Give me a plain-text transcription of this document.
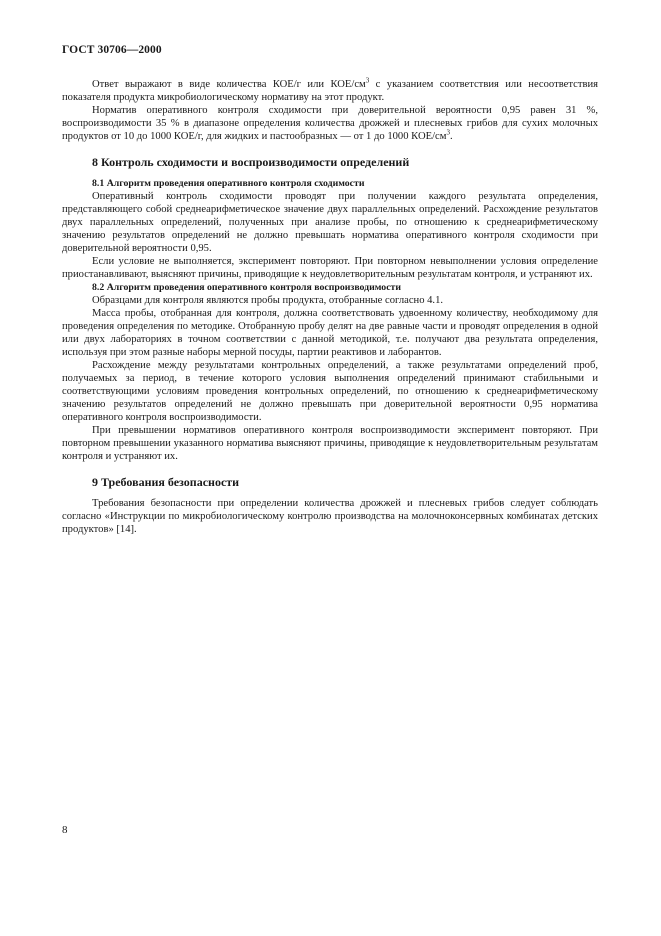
ГОСТ 30706—2000

Ответ выражают в виде количества КОЕ/г или КОЕ/$см^3$ с указанием соответствия или несоответствия показателя продукта микробиологическому нормативу на этот продукт.

Норматив оперативного контроля сходимости при доверительной вероятности 0,95 равен 31 %, воспроизводимости 35 % в диапазоне определения количества дрожжей и плесневых грибов для сухих молочных продуктов от 10 до 1000 КОЕ/г, для жидких и пастообразных — от 1 до 1000 КОЕ/$см^3$.

8 Контроль сходимости и воспроизводимости определений
8.1 Алгоритм проведения оперативного контроля сходимости

Оперативный контроль сходимости проводят при получении каждого результата определения, представляющего собой среднеарифметическое значение двух параллельных определений. Расхождение результатов двух параллельных определений, полученных при анализе пробы, по отношению к среднеарифметическому значению результатов определений не должно превышать норматива оперативного контроля сходимости при доверительной вероятности 0,95.

Если условие не выполняется, эксперимент повторяют. При повторном невыполнении условия определение приостанавливают, выясняют причины, приводящие к неудовлетворительным результатам контроля, и устраняют их.

8.2 Алгоритм проведения оперативного контроля воспроизводимости

Образцами для контроля являются пробы продукта, отобранные согласно 4.1.

Масса пробы, отобранная для контроля, должна соответствовать удвоенному количеству, необходимому для проведения определения по методике. Отобранную пробу делят на две равные части и проводят определения в одной или двух лабораториях в точном соответствии с данной методикой, т.е. получают два результата определения, используя при этом разные наборы мерной посуды, партии реактивов и лаборантов.

Расхождение между результатами контрольных определений, а также результатами определений проб, получаемых за период, в течение которого условия выполнения определений принимают стабильными и соответствующими условиям проведения контрольных определений, по отношению к среднеарифметическому значению результатов определений не должно превышать при доверительной вероятности 0,95 норматива оперативного контроля воспроизводимости.

При превышении нормативов оперативного контроля воспроизводимости эксперимент повторяют. При повторном превышении указанного норматива выясняют причины, приводящие к неудовлетворительным результатам контроля и устраняют их.

9 Требования безопасности

Требования безопасности при определении количества дрожжей и плесневых грибов следует соблюдать согласно «Инструкции по микробиологическому контролю производства на молочноконсервных комбинатах детских продуктов» [14].

8
